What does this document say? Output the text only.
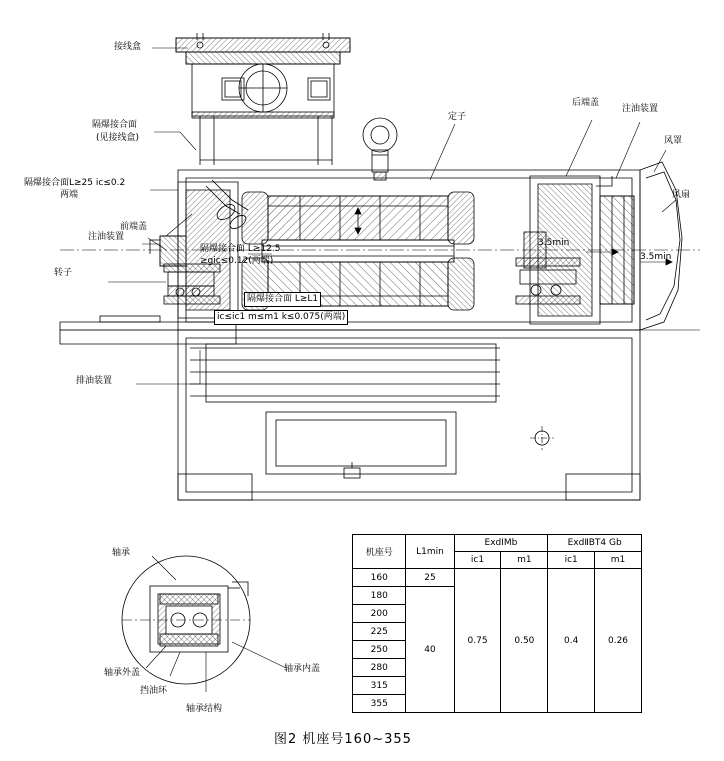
接线盒
隔爆接合面
(见接线盒)
隔爆接合面L≥25 ic≤0.2
两端
注油装置
前端盖
转子
排油装置
隔爆接合面 L≥12.5
≥gic≤0.12(两端)
定子
后端盖
注油装置
风罩
风扇
3.5min
3.5min
隔爆接合面 L≥L1
ic≤ic1 m≤m1 k≤0.075(两端)
轴承
轴承外盖
挡油环
轴承结构
轴承内盖
机座号	L1min	ExdIMb		ExdⅡBT4 Gb	
		ic1	m1	ic1	m1
160	25	0.75	0.50	0.4	0.26
180	40				
200					
225					
250					
280					
315					
355					
图2 机座号160~355
